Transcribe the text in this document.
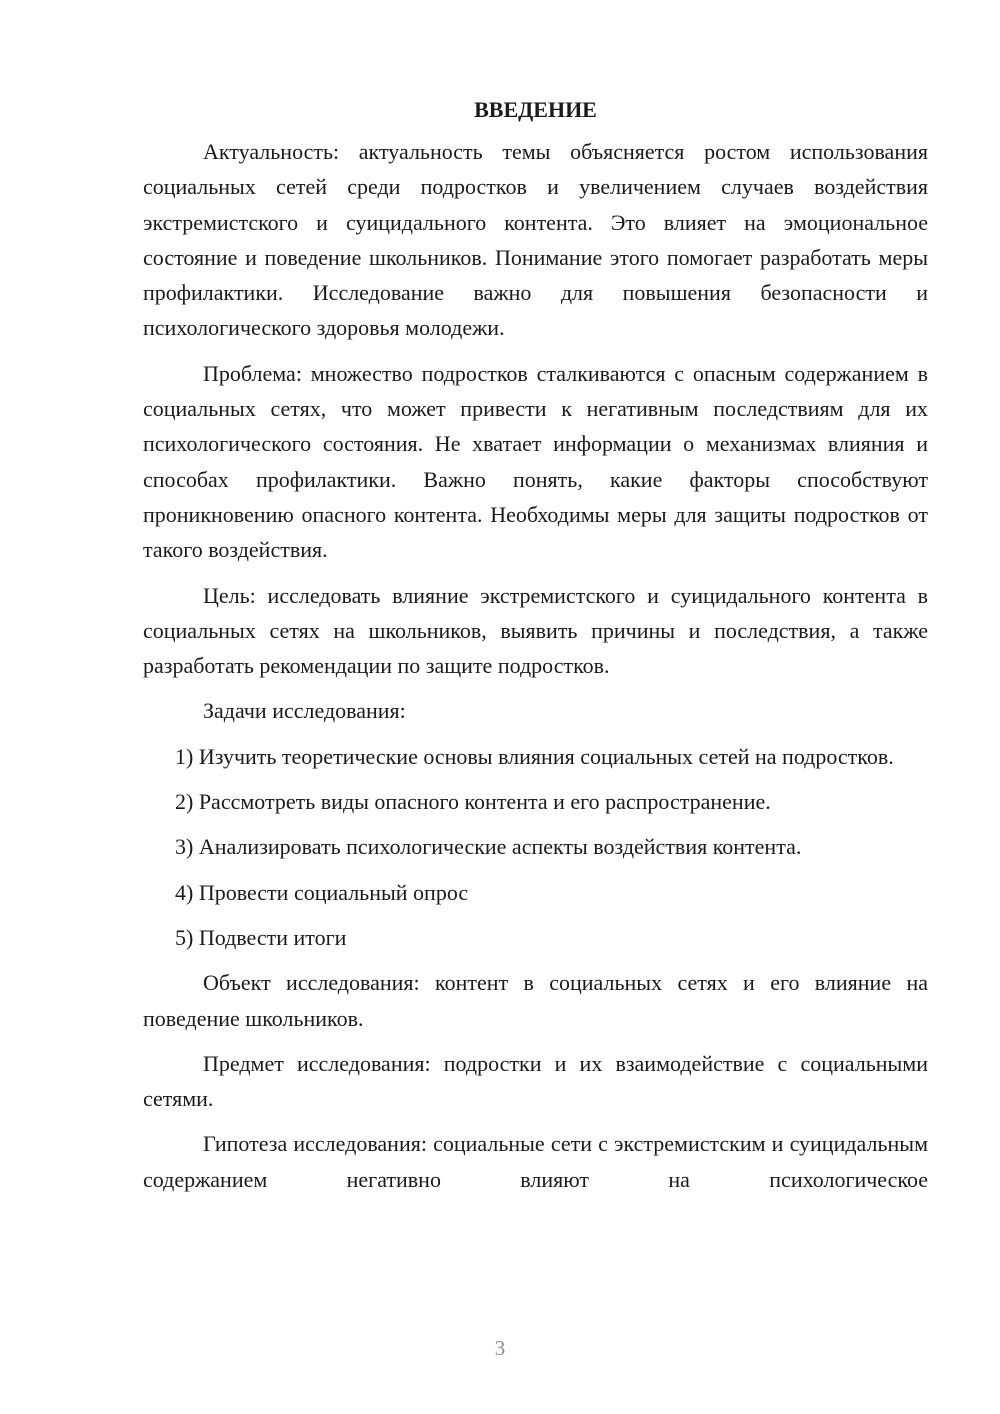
ВВЕДЕНИЕ

Актуальность: актуальность темы объясняется ростом использования социальных сетей среди подростков и увеличением случаев воздействия экстремистского и суицидального контента. Это влияет на эмоциональное состояние и поведение школьников. Понимание этого помогает разработать меры профилактики. Исследование важно для повышения безопасности и психологического здоровья молодежи.

Проблема: множество подростков сталкиваются с опасным содержанием в социальных сетях, что может привести к негативным последствиям для их психологического состояния. Не хватает информации о механизмах влияния и способах профилактики. Важно понять, какие факторы способствуют проникновению опасного контента. Необходимы меры для защиты подростков от такого воздействия.

Цель: исследовать влияние экстремистского и суицидального контента в социальных сетях на школьников, выявить причины и последствия, а также разработать рекомендации по защите подростков.

Задачи исследования:

1) Изучить теоретические основы влияния социальных сетей на подростков.

2) Рассмотреть виды опасного контента и его распространение.

3) Анализировать психологические аспекты воздействия контента.

4) Провести социальный опрос

5) Подвести итоги

Объект исследования: контент в социальных сетях и его влияние на поведение школьников.

Предмет исследования: подростки и их взаимодействие с социальными сетями.

Гипотеза исследования: социальные сети с экстремистским и суицидальным содержанием негативно влияют на психологическое

3
